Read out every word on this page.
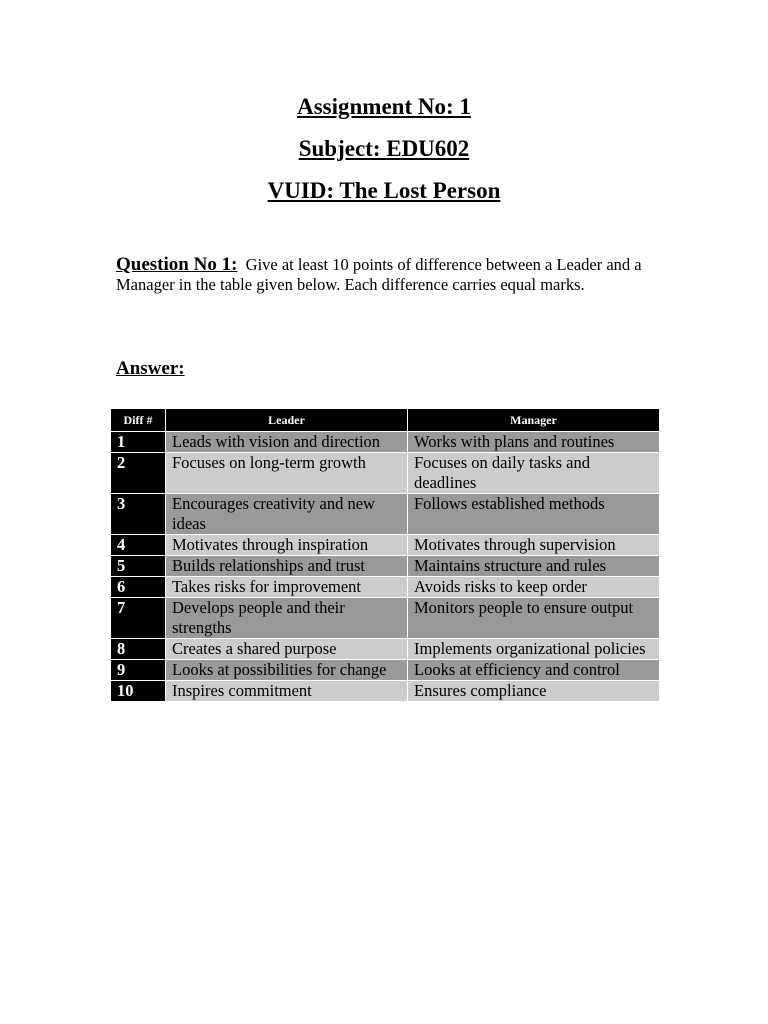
Assignment No: 1

Subject: EDU602

VUID: The Lost Person

Question No 1: Give at least 10 points of difference between a Leader and a Manager in the table given below. Each difference carries equal marks.
Answer:
Diff #	Leader	Manager
1	Leads with vision and direction	Works with plans and routines
2	Focuses on long-term growth	Focuses on daily tasks and deadlines
3	Encourages creativity and new ideas	Follows established methods
4	Motivates through inspiration	Motivates through supervision
5	Builds relationships and trust	Maintains structure and rules
6	Takes risks for improvement	Avoids risks to keep order
7	Develops people and their strengths	Monitors people to ensure output
8	Creates a shared purpose	Implements organizational policies
9	Looks at possibilities for change	Looks at efficiency and control
10	Inspires commitment	Ensures compliance
